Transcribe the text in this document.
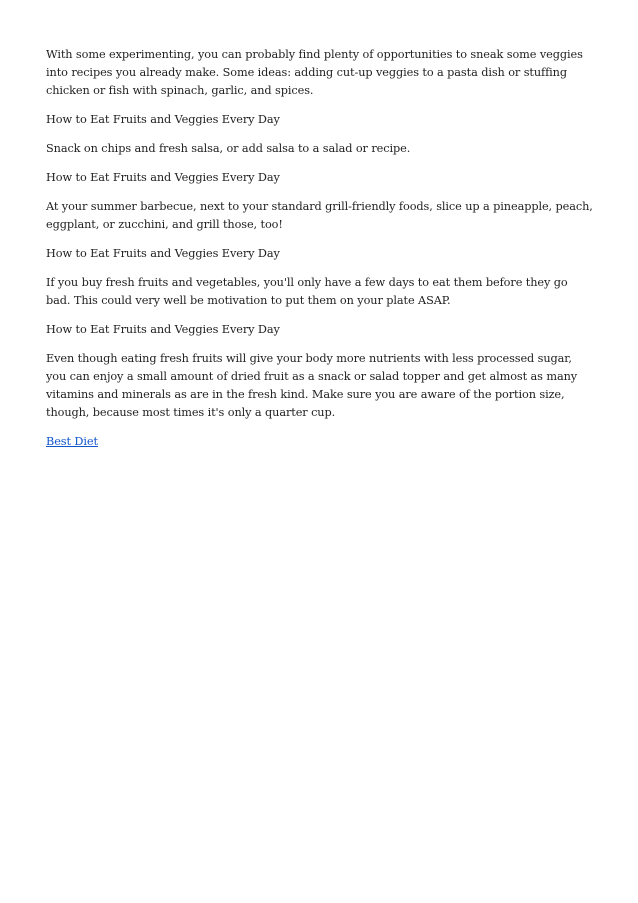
With some experimenting, you can probably find plenty of opportunities to sneak some veggies into recipes you already make. Some ideas: adding cut-up veggies to a pasta dish or stuffing chicken or fish with spinach, garlic, and spices.

How to Eat Fruits and Veggies Every Day

Snack on chips and fresh salsa, or add salsa to a salad or recipe.

How to Eat Fruits and Veggies Every Day

At your summer barbecue, next to your standard grill-friendly foods, slice up a pineapple, peach, eggplant, or zucchini, and grill those, too!

How to Eat Fruits and Veggies Every Day

If you buy fresh fruits and vegetables, you'll only have a few days to eat them before they go bad. This could very well be motivation to put them on your plate ASAP.

How to Eat Fruits and Veggies Every Day

Even though eating fresh fruits will give your body more nutrients with less processed sugar, you can enjoy a small amount of dried fruit as a snack or salad topper and get almost as many vitamins and minerals as are in the fresh kind. Make sure you are aware of the portion size, though, because most times it's only a quarter cup.

Best Diet
